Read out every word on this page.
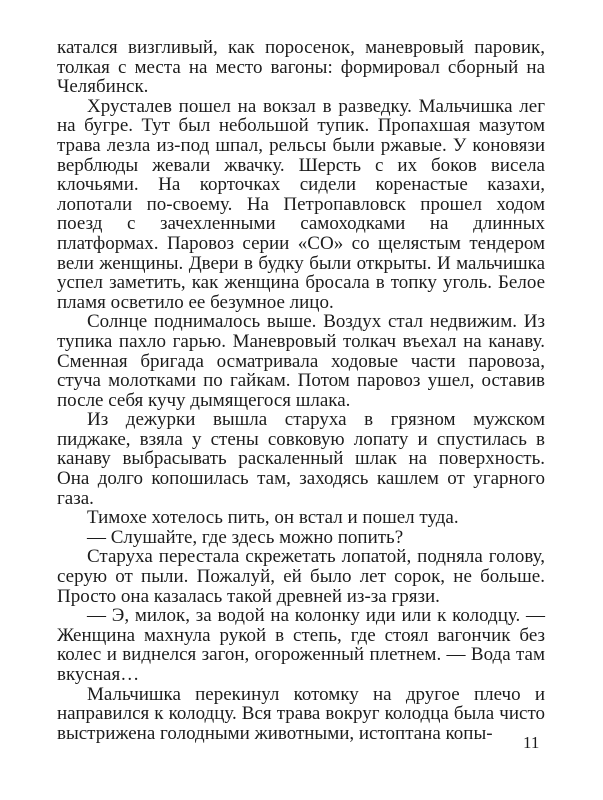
катался визгливый, как поросенок, маневровый паровик, толкая с места на место вагоны: формировал сборный на Челябинск.

Хрусталев пошел на вокзал в разведку. Мальчишка лег на бугре. Тут был небольшой тупик. Пропахшая мазутом трава лезла из-под шпал, рельсы были ржавые. У коновязи верблюды жевали жвачку. Шерсть с их боков висела клочьями. На корточках сидели коренастые казахи, лопотали по-своему. На Петропавловск прошел ходом поезд с зачехленными самоходками на длинных платформах. Паровоз серии «СО» со щелястым тендером вели женщины. Двери в будку были открыты. И мальчишка успел заметить, как женщина бросала в топку уголь. Белое пламя осветило ее безумное лицо.

Солнце поднималось выше. Воздух стал недвижим. Из тупика пахло гарью. Маневровый толкач въехал на канаву. Сменная бригада осматривала ходовые части паровоза, стуча молотками по гайкам. Потом паровоз ушел, оставив после себя кучу дымящегося шлака.

Из дежурки вышла старуха в грязном мужском пиджаке, взяла у стены совковую лопату и спустилась в канаву выбрасывать раскаленный шлак на поверхность. Она долго копошилась там, заходясь кашлем от угарного газа.

Тимохе хотелось пить, он встал и пошел туда.

— Слушайте, где здесь можно попить?

Старуха перестала скрежетать лопатой, подняла голову, серую от пыли. Пожалуй, ей было лет сорок, не больше. Просто она казалась такой древней из-за грязи.

— Э, милок, за водой на колонку иди или к колодцу. — Женщина махнула рукой в степь, где стоял вагончик без колес и виднелся загон, огороженный плетнем. — Вода там вкусная…

Мальчишка перекинул котомку на другое плечо и направился к колодцу. Вся трава вокруг колодца была чисто выстрижена голодными животными, истоптана копы-	11
